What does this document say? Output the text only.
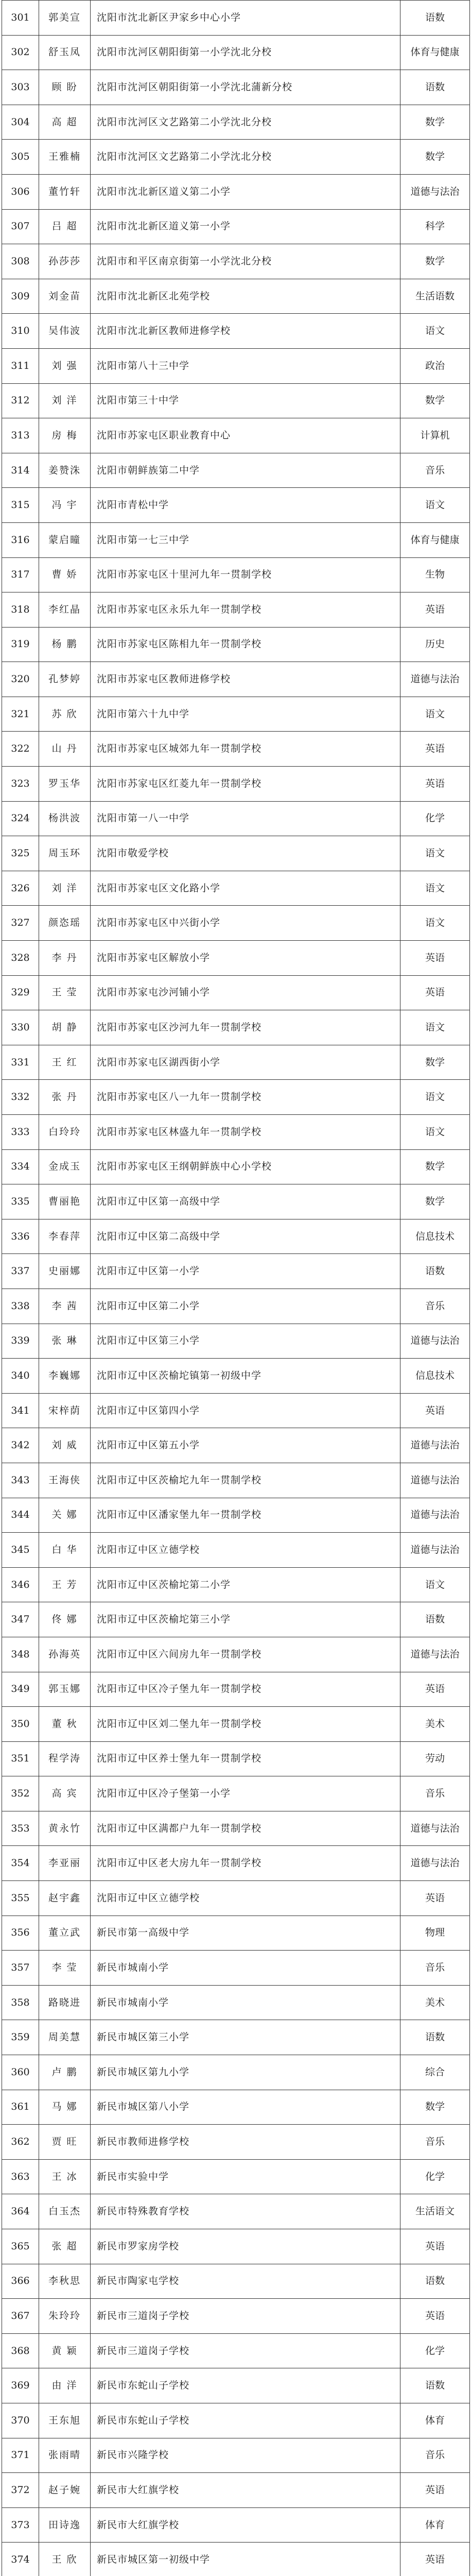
301	郭美宣	沈阳市沈北新区尹家乡中心小学	语数
302	舒玉凤	沈阳市沈河区朝阳街第一小学沈北分校	体育与健康
303	顾 盼	沈阳市沈河区朝阳街第一小学沈北蒲新分校	语数
304	高 超	沈阳市沈河区文艺路第二小学沈北分校	数学
305	王雅楠	沈阳市沈河区文艺路第二小学沈北分校	数学
306	董竹轩	沈阳市沈北新区道义第二小学	道德与法治
307	吕 超	沈阳市沈北新区道义第一小学	科学
308	孙莎莎	沈阳市和平区南京街第一小学沈北分校	数学
309	刘金苗	沈阳市沈北新区北苑学校	生活语数
310	吴伟波	沈阳市沈北新区教师进修学校	语文
311	刘 强	沈阳市第八十三中学	政治
312	刘 洋	沈阳市第三十中学	数学
313	房 梅	沈阳市苏家屯区职业教育中心	计算机
314	姜赞洙	沈阳市朝鲜族第二中学	音乐
315	冯 宇	沈阳市青松中学	语文
316	蒙启曈	沈阳市第一七三中学	体育与健康
317	曹 娇	沈阳市苏家屯区十里河九年一贯制学校	生物
318	李红晶	沈阳市苏家屯区永乐九年一贯制学校	英语
319	杨 鹏	沈阳市苏家屯区陈相九年一贯制学校	历史
320	孔梦婷	沈阳市苏家屯区教师进修学校	道德与法治
321	苏 欣	沈阳市第六十九中学	语文
322	山 丹	沈阳市苏家屯区城郊九年一贯制学校	英语
323	罗玉华	沈阳市苏家屯区红菱九年一贯制学校	英语
324	杨洪波	沈阳市第一八一中学	化学
325	周玉环	沈阳市敬爱学校	语文
326	刘 洋	沈阳市苏家屯区文化路小学	语文
327	颜恣瑶	沈阳市苏家屯区中兴街小学	语文
328	李 丹	沈阳市苏家屯区解放小学	英语
329	王 莹	沈阳市苏家屯沙河铺小学	英语
330	胡 静	沈阳市苏家屯区沙河九年一贯制学校	语文
331	王 红	沈阳市苏家屯区湖西街小学	数学
332	张 丹	沈阳市苏家屯区八一九年一贯制学校	语文
333	白玲玲	沈阳市苏家屯区林盛九年一贯制学校	语文
334	金成玉	沈阳市苏家屯区王纲朝鲜族中心小学校	数学
335	曹丽艳	沈阳市辽中区第一高级中学	数学
336	李春萍	沈阳市辽中区第二高级中学	信息技术
337	史丽娜	沈阳市辽中区第一小学	语数
338	李 茜	沈阳市辽中区第二小学	音乐
339	张 琳	沈阳市辽中区第三小学	道德与法治
340	李巍娜	沈阳市辽中区茨榆坨镇第一初级中学	信息技术
341	宋梓荫	沈阳市辽中区第四小学	英语
342	刘 威	沈阳市辽中区第五小学	道德与法治
343	王海侠	沈阳市辽中区茨榆坨九年一贯制学校	道德与法治
344	关 娜	沈阳市辽中区潘家堡九年一贯制学校	道德与法治
345	白 华	沈阳市辽中区立德学校	道德与法治
346	王 芳	沈阳市辽中区茨榆坨第二小学	语文
347	佟 娜	沈阳市辽中区茨榆坨第三小学	语数
348	孙海英	沈阳市辽中区六间房九年一贯制学校	道德与法治
349	郭玉娜	沈阳市辽中区冷子堡九年一贯制学校	英语
350	董 秋	沈阳市辽中区刘二堡九年一贯制学校	美术
351	程学涛	沈阳市辽中区养士堡九年一贯制学校	劳动
352	高 宾	沈阳市辽中区冷子堡第一小学	音乐
353	黄永竹	沈阳市辽中区满都户九年一贯制学校	道德与法治
354	李亚丽	沈阳市辽中区老大房九年一贯制学校	道德与法治
355	赵宇鑫	沈阳市辽中区立德学校	英语
356	董立武	新民市第一高级中学	物理
357	李 莹	新民市城南小学	音乐
358	路晓进	新民市城南小学	美术
359	周美慧	新民市城区第三小学	语数
360	卢 鹏	新民市城区第九小学	综合
361	马 娜	新民市城区第八小学	数学
362	贾 旺	新民市教师进修学校	音乐
363	王 冰	新民市实验中学	化学
364	白玉杰	新民市特殊教育学校	生活语文
365	张 超	新民市罗家房学校	英语
366	李秋思	新民市陶家屯学校	语数
367	朱玲玲	新民市三道岗子学校	英语
368	黄 颖	新民市三道岗子学校	化学
369	由 洋	新民市东蛇山子学校	语数
370	王东旭	新民市东蛇山子学校	体育
371	张雨晴	新民市兴隆学校	音乐
372	赵子婉	新民市大红旗学校	英语
373	田诗逸	新民市大红旗学校	体育
374	王 欣	新民市城区第一初级中学	英语
